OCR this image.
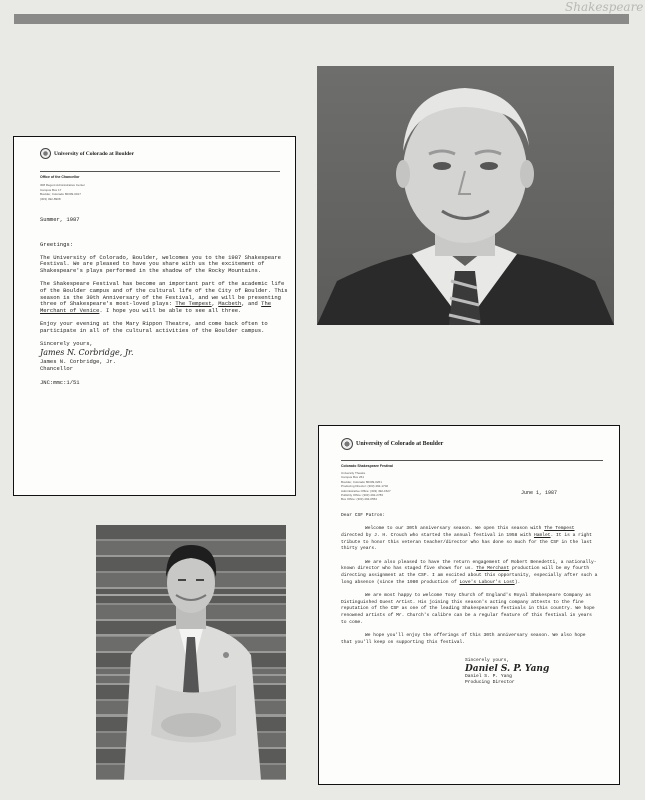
Shakespeare
University of Colorado at Boulder
Office of the Chancellor
308 Regent Administrative Center
Campus Box 17
Boulder, Colorado 80309-0017
(303) 492-8908

Summer, 1987

Greetings:

The University of Colorado, Boulder, welcomes you to the 1987 Shakespeare Festival. We are pleased to have you share with us the excitement of Shakespeare's plays performed in the shadow of the Rocky Mountains.

The Shakespeare Festival has become an important part of the academic life of the Boulder campus and of the cultural life of the City of Boulder. This season is the 30th Anniversary of the Festival, and we will be presenting three of Shakespeare's most-loved plays: The Tempest, Macbeth, and The Merchant of Venice. I hope you will be able to see all three.

Enjoy your evening at the Mary Rippon Theatre, and come back often to participate in all of the cultural activities of the Boulder campus.

Sincerely yours,

James N. Corbridge, Jr.

James N. Corbridge, Jr.

Chancellor

JNC:mmc:1/51

University of Colorado at Boulder
Colorado Shakespeare Festival
University Theatre
Campus Box 261
Boulder, Colorado 80309-0261
Producing Director: (303) 492-1702
Administrative Office: (303) 492-1527
Publicity Office: (303) 492-2783
Box Office: (303) 492-0554
June 1, 1987

Dear CSF Patron:

Welcome to our 30th anniversary season. We open this season with The Tempest directed by J. H. Crouch who started the annual festival in 1958 with Hamlet. It is a right tribute to honor this veteran teacher/director who has done so much for the CSF in the last thirty years.

We are also pleased to have the return engagement of Robert Benedetti, a nationally-known director who has staged five shows for us. The Merchant production will be my fourth directing assignment at the CSF. I am excited about this opportunity, especially after such a long absence (since the 1980 production of Love's Labour's Lost).

We are most happy to welcome Tony Church of England's Royal Shakespeare Company as Distinguished Guest Artist. His joining this season's acting company attests to the fine reputation of the CSF as one of the leading Shakespearean festivals in this country. We hope renowned artists of Mr. Church's calibre can be a regular feature of this festival in years to come.

We hope you'll enjoy the offerings of this 30th anniversary season. We also hope that you'll keep on supporting this festival.

Sincerely yours,

Daniel S. P. Yang

Daniel S. P. Yang

Producing Director
